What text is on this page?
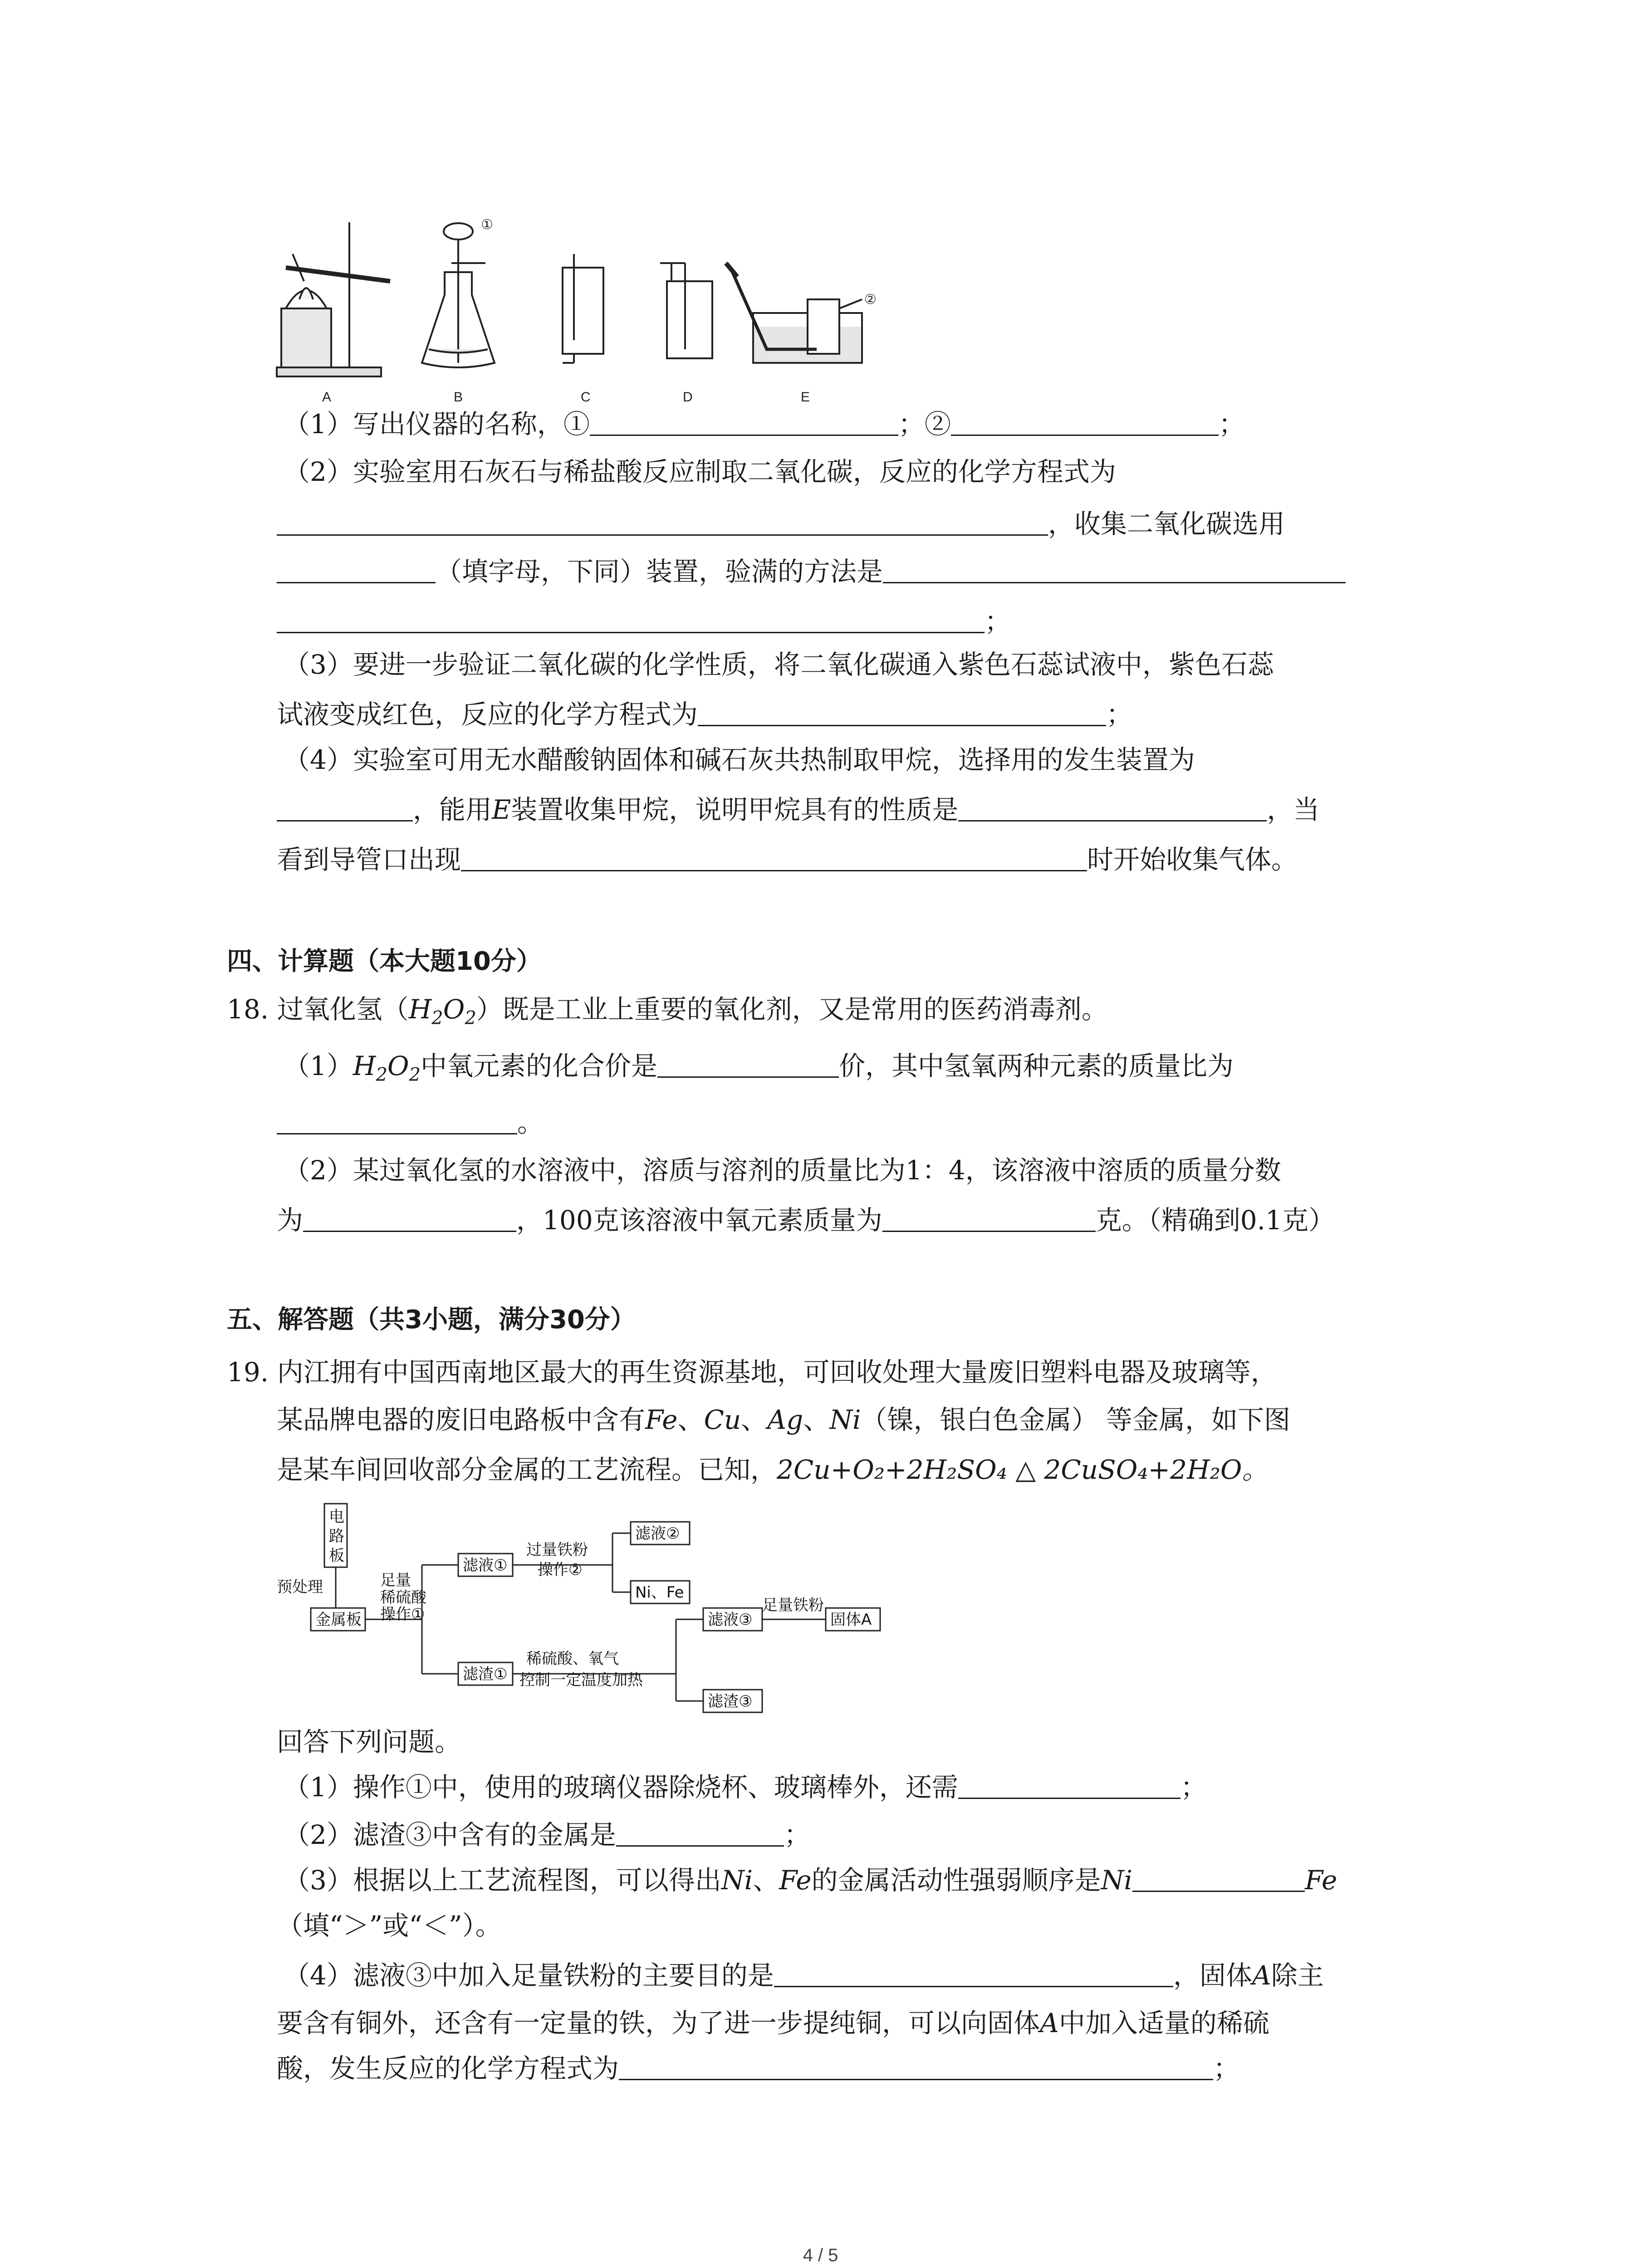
A
①
B	C	D
②
E
（1）写出仪器的名称，①	；②	；
（2）实验室用石灰石与稀盐酸反应制取二氧化碳，反应的化学方程式为
，收集二氧化碳选用
（填字母，下同）装置，验满的方法是
；
（3）要进一步验证二氧化碳的化学性质，将二氧化碳通入紫色石蕊试液中，紫色石蕊
试液变成红色，反应的化学方程式为	；
（4）实验室可用无水醋酸钠固体和碱石灰共热制取甲烷，选择用的发生装置为
，能用E装置收集甲烷，说明甲烷具有的性质是	，当
看到导管口出现	时开始收集气体。
四、计算题（本大题10分）
18. 过氧化氢$(H_2O_2)$既是工业上重要的氧化剂，又是常用的医药消毒剂。
$(1)H_2O_2$中氧元素的化合价是	价，其中氢氧两种元素的质量比为
。
（2）某过氧化氢的水溶液中，溶质与溶剂的质量比为1：4，该溶液中溶质的质量分数
为	，100克该溶液中氧元素质量为	克。（精确到0.1克）
五、解答题（共3小题，满分30分）
19. 内江拥有中国西南地区最大的再生资源基地，可回收处理大量废旧塑料电器及玻璃等，
某品牌电器的废旧电路板中含有Fe、Cu、Ag、Ni（镍，银白色金属） 等金属，如下图
是某车间回收部分金属的工艺流程。已知，2Cu+O₂+2H₂SO₄ △ 2CuSO₄+2H₂O。
电
路
板
预处理
金属板
足量
稀硫酸
操作①
滤液①
过量铁粉
操作②
滤液②
Ni、Fe
滤渣①
稀硫酸、氧气
控制一定温度加热
滤液③
足量铁粉
固体A
滤渣③
回答下列问题。
（1）操作①中，使用的玻璃仪器除烧杯、玻璃棒外，还需	；
（2）滤渣③中含有的金属是	；
（3）根据以上工艺流程图，可以得出Ni、Fe的金属活动性强弱顺序是Ni	Fe
（填“＞”或“＜”）。
（4）滤液③中加入足量铁粉的主要目的是	，固体A除主
要含有铜外，还含有一定量的铁，为了进一步提纯铜，可以向固体A中加入适量的稀硫
酸，发生反应的化学方程式为	；
4 / 5
